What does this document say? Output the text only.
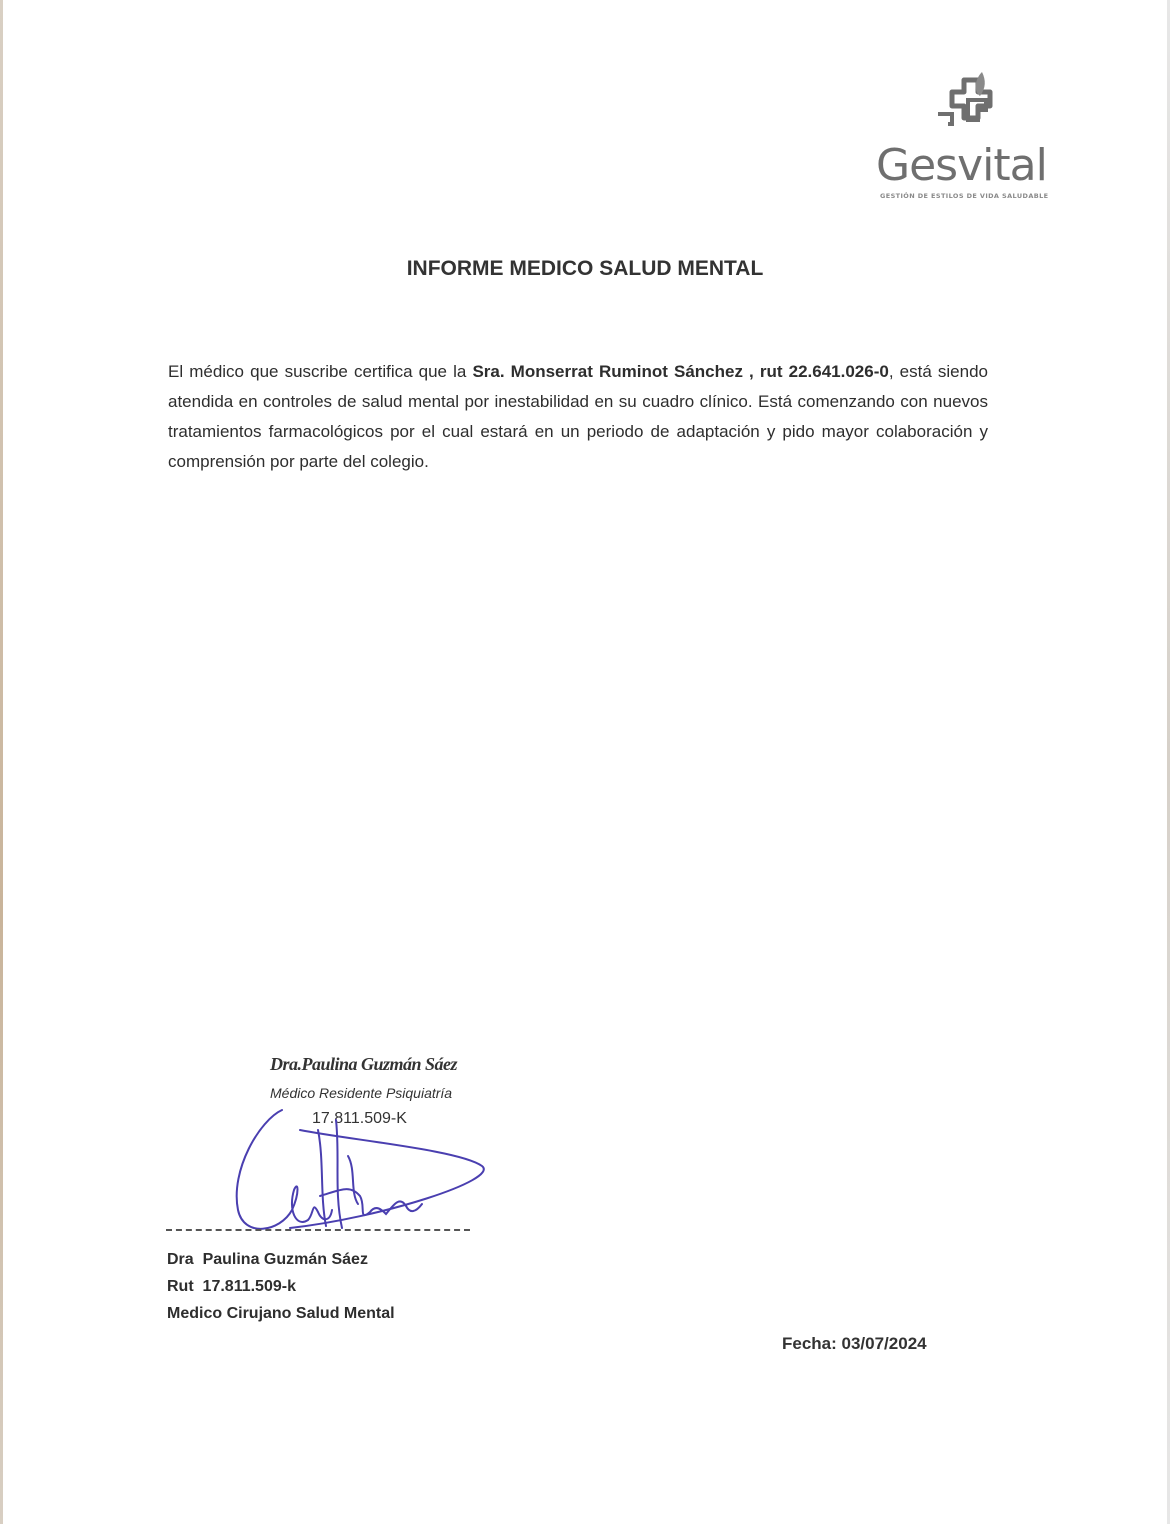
Gesvital
GESTIÓN DE ESTILOS DE VIDA SALUDABLE
INFORME MEDICO SALUD MENTAL
El médico que suscribe certifica que la Sra. Monserrat Ruminot Sánchez , rut 22.641.026-0, está siendo atendida en controles de salud mental por inestabilidad en su cuadro clínico. Está comenzando con nuevos tratamientos farmacológicos por el cual estará en un periodo de adaptación y pido mayor colaboración y comprensión por parte del colegio.
Dra.Paulina Guzmán Sáez
Médico Residente Psiquiatría
17.811.509-K
Dra  Paulina Guzmán Sáez
Rut  17.811.509-k
Medico Cirujano Salud Mental
Fecha: 03/07/2024
